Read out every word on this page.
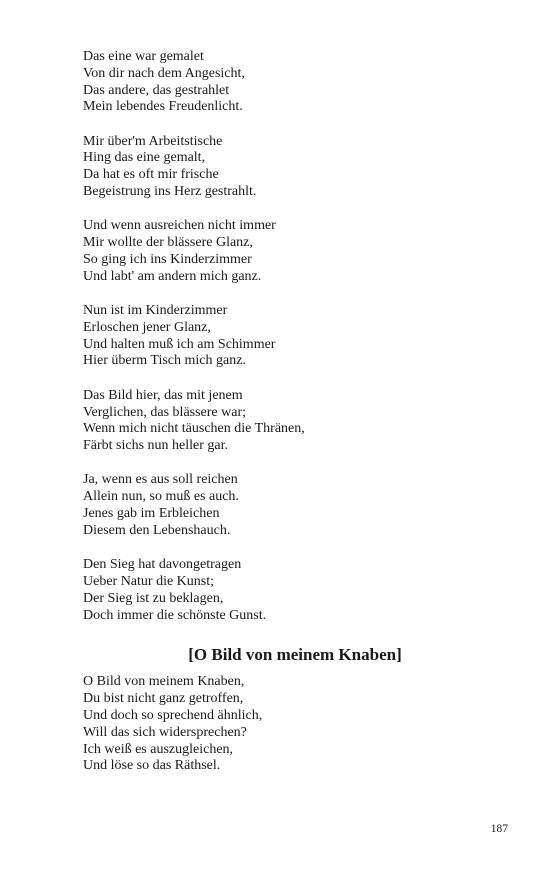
Das eine war gemalet
Von dir nach dem Angesicht,
Das andere, das gestrahlet
Mein lebendes Freudenlicht.
Mir über'm Arbeitstische
Hing das eine gemalt,
Da hat es oft mir frische
Begeistrung ins Herz gestrahlt.
Und wenn ausreichen nicht immer
Mir wollte der blässere Glanz,
So ging ich ins Kinderzimmer
Und labt' am andern mich ganz.
Nun ist im Kinderzimmer
Erloschen jener Glanz,
Und halten muß ich am Schimmer
Hier überm Tisch mich ganz.
Das Bild hier, das mit jenem
Verglichen, das blässere war;
Wenn mich nicht täuschen die Thränen,
Färbt sichs nun heller gar.
Ja, wenn es aus soll reichen
Allein nun, so muß es auch.
Jenes gab im Erbleichen
Diesem den Lebenshauch.
Den Sieg hat davongetragen
Ueber Natur die Kunst;
Der Sieg ist zu beklagen,
Doch immer die schönste Gunst.
[O Bild von meinem Knaben]
O Bild von meinem Knaben,
Du bist nicht ganz getroffen,
Und doch so sprechend ähnlich,
Will das sich widersprechen?
Ich weiß es auszugleichen,
Und löse so das Räthsel.
187
